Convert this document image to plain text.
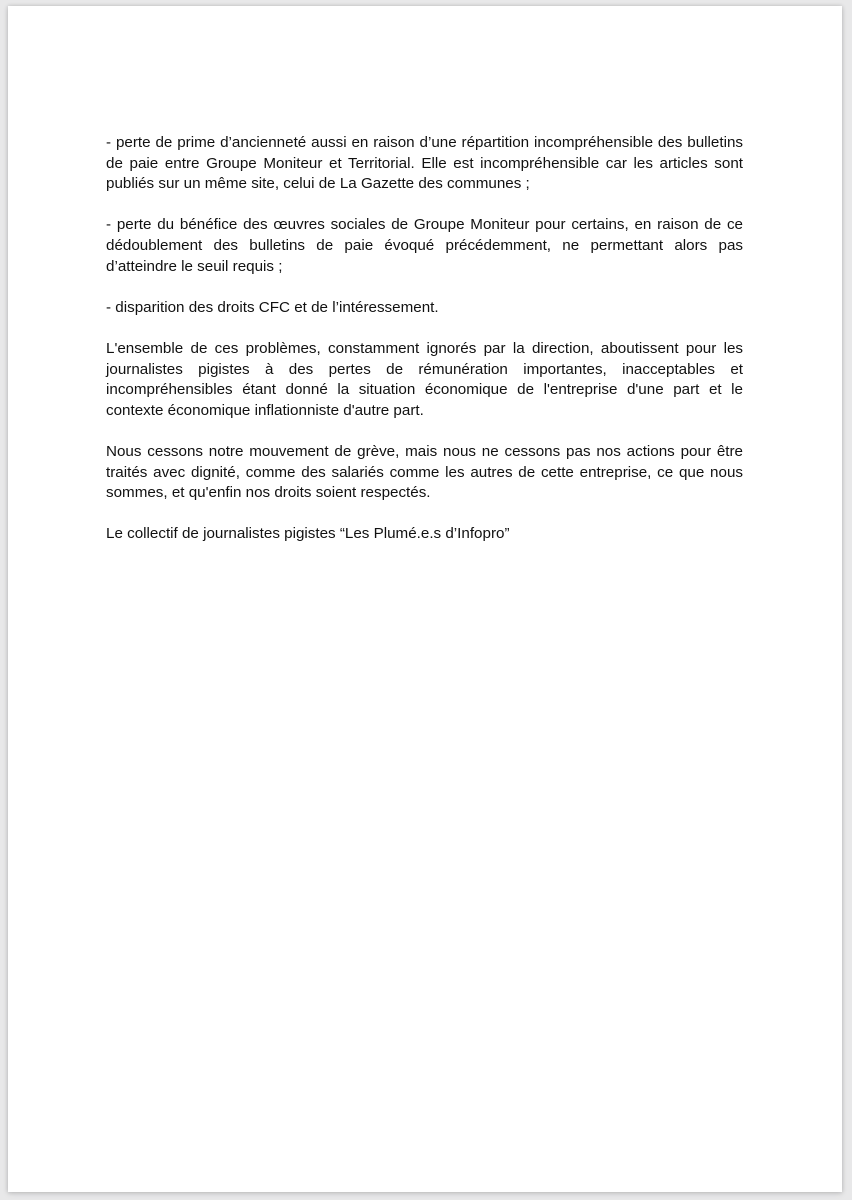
- perte de prime d’ancienneté aussi en raison d’une répartition incompréhensible des bulletins de paie entre Groupe Moniteur et Territorial. Elle est incompréhensible car les articles sont publiés sur un même site, celui de La Gazette des communes ;

- perte du bénéfice des œuvres sociales de Groupe Moniteur pour certains, en raison de ce dédoublement des bulletins de paie évoqué précédemment, ne permettant alors pas d’atteindre le seuil requis ;

- disparition des droits CFC et de l’intéressement.

L'ensemble de ces problèmes, constamment ignorés par la direction, aboutissent pour les journalistes pigistes à des pertes de rémunération importantes, inacceptables et incompréhensibles étant donné la situation économique de l'entreprise d'une part et le contexte économique inflationniste d'autre part.

Nous cessons notre mouvement de grève, mais nous ne cessons pas nos actions pour être traités avec dignité, comme des salariés comme les autres de cette entreprise, ce que nous sommes, et qu'enfin nos droits soient respectés.

Le collectif de journalistes pigistes “Les Plumé.e.s d’Infopro”
